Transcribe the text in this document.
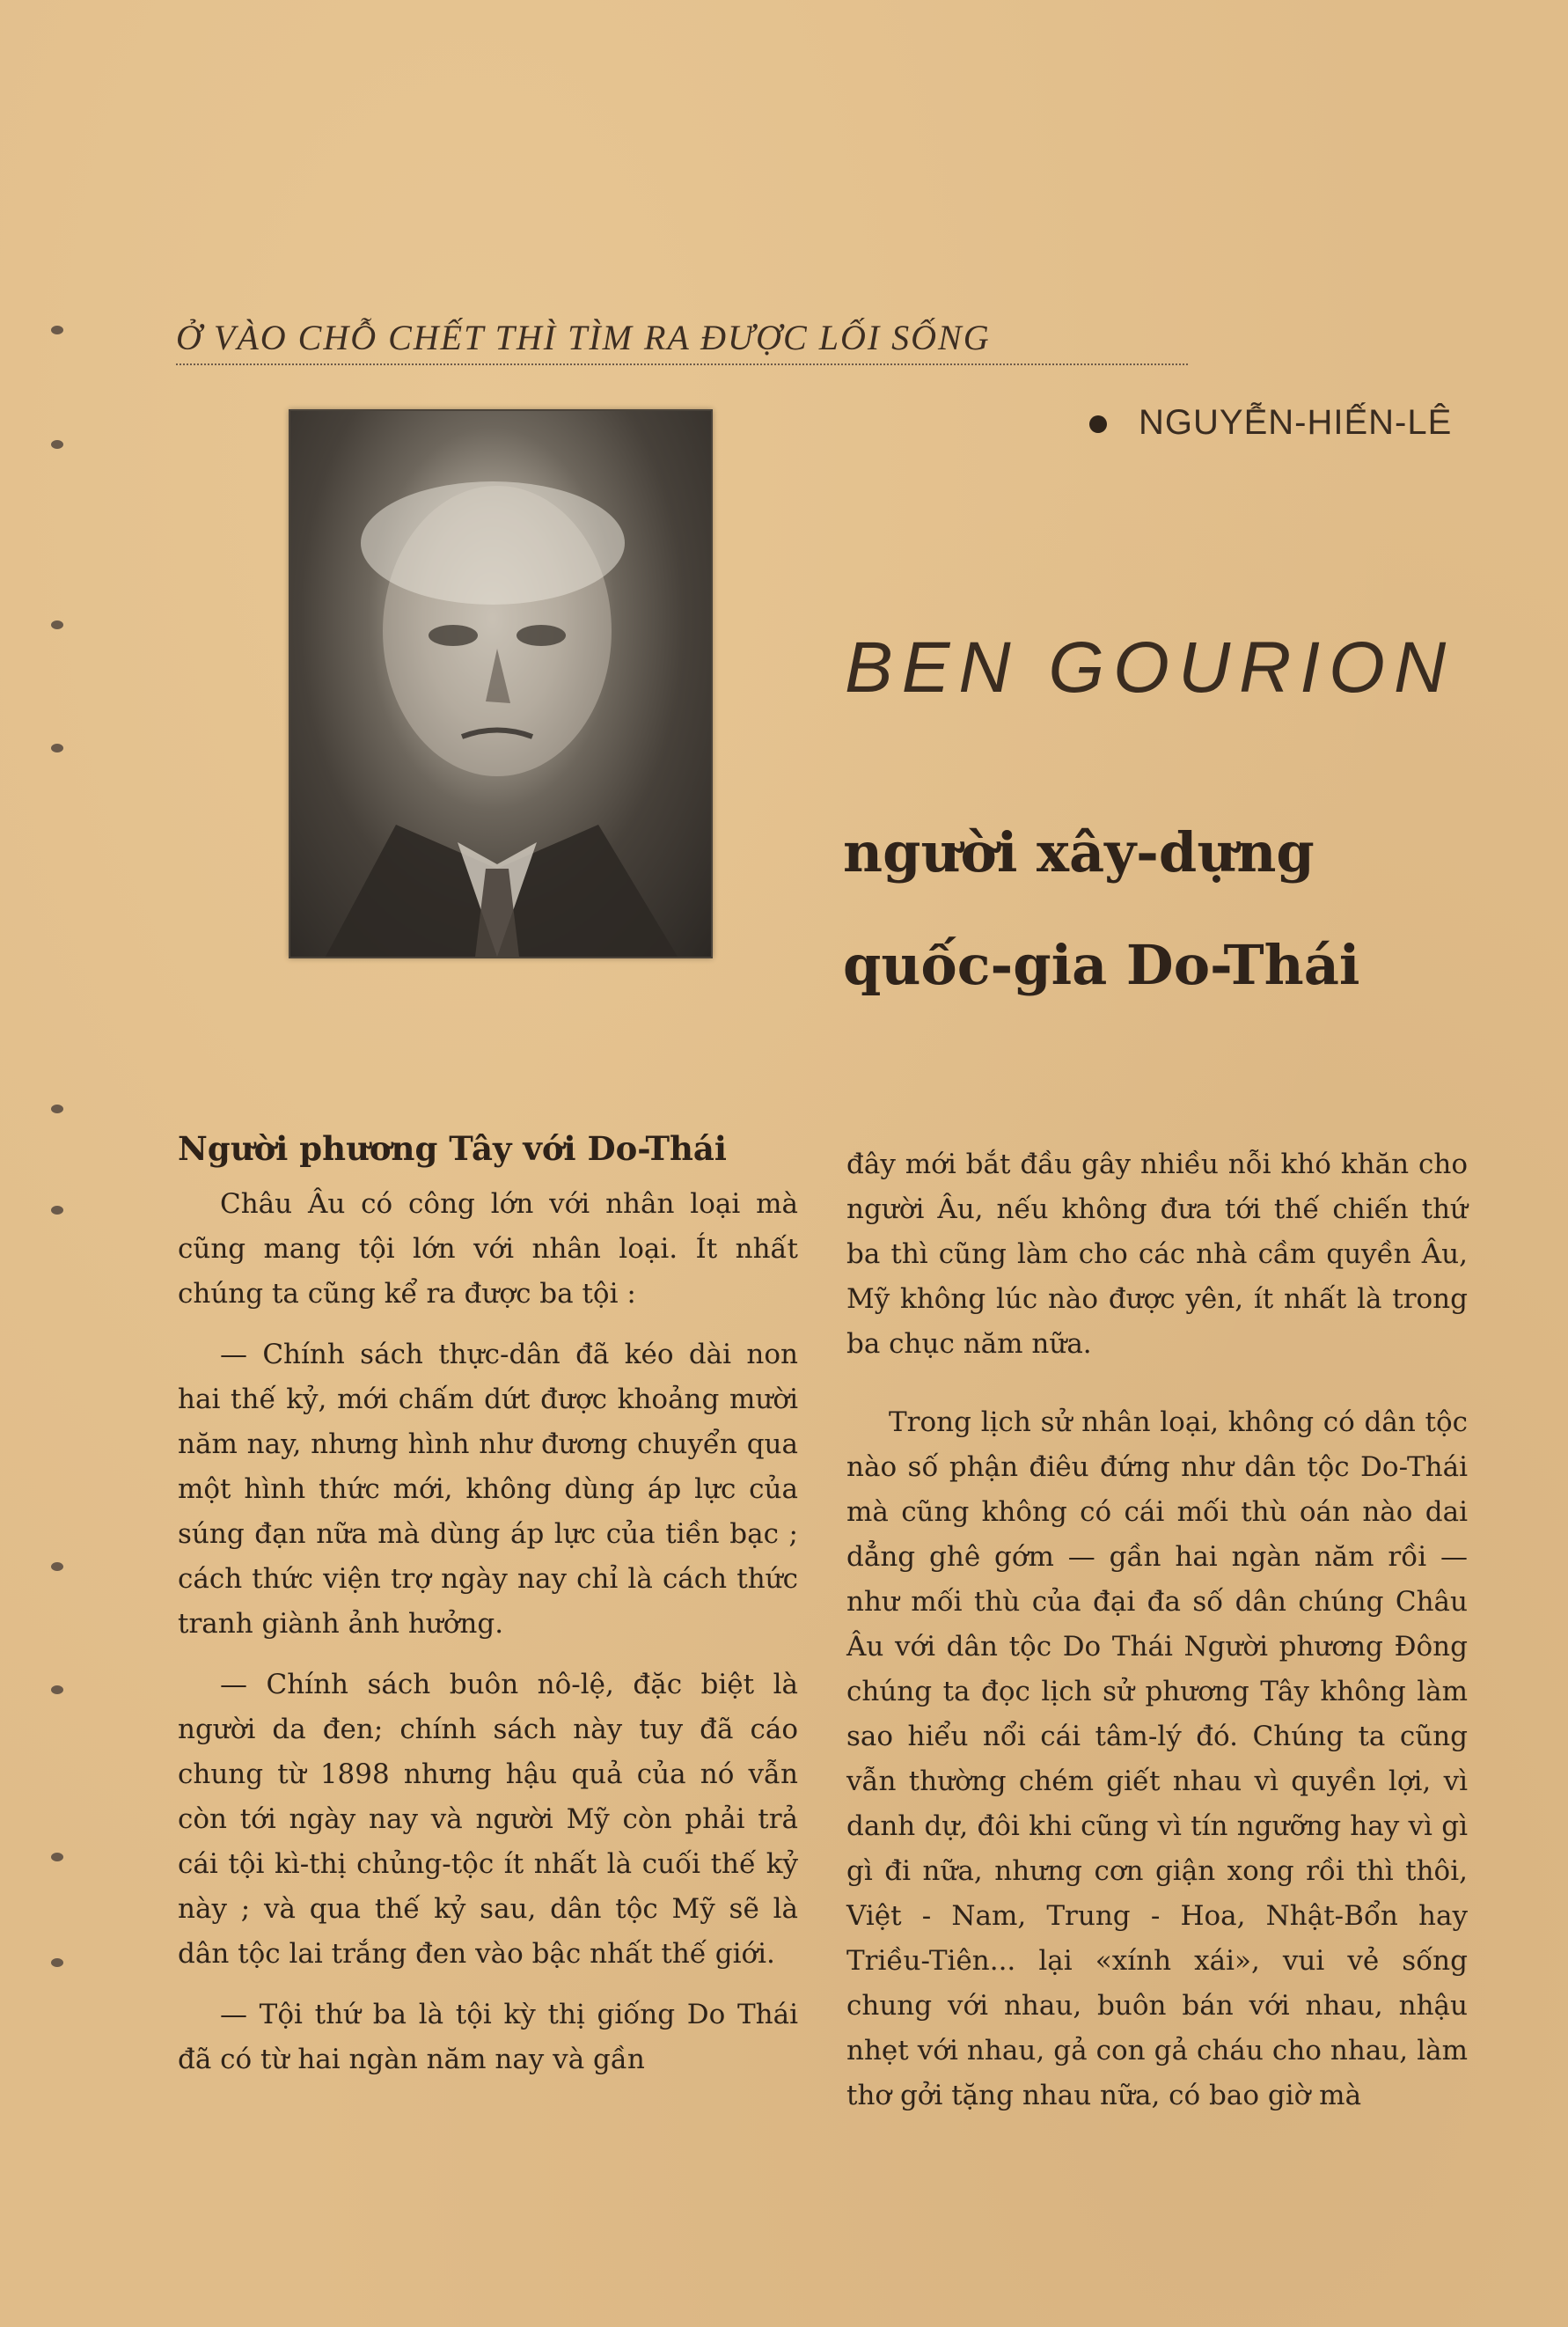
Ở VÀO CHỖ CHẾT THÌ TÌM RA ĐƯỢC LỐI SỐNG
NGUYỄN-HIẾN-LÊ
BEN GOURION
người xây-dựng
quốc-gia Do-Thái
Người phương Tây với Do-Thái

Châu Âu có công lớn với nhân loại mà cũng mang tội lớn với nhân loại. Ít nhất chúng ta cũng kể ra được ba tội :

— Chính sách thực-dân đã kéo dài non hai thế kỷ, mới chấm dứt được khoảng mười năm nay, nhưng hình như đương chuyển qua một hình thức mới, không dùng áp lực của súng đạn nữa mà dùng áp lực của tiền bạc ; cách thức viện trợ ngày nay chỉ là cách thức tranh giành ảnh hưởng.

— Chính sách buôn nô-lệ, đặc biệt là người da đen; chính sách này tuy đã cáo chung từ 1898 nhưng hậu quả của nó vẫn còn tới ngày nay và người Mỹ còn phải trả cái tội kì-thị chủng-tộc ít nhất là cuối thế kỷ này ; và qua thế kỷ sau, dân tộc Mỹ sẽ là dân tộc lai trắng đen vào bậc nhất thế giới.

— Tội thứ ba là tội kỳ thị giống Do Thái đã có từ hai ngàn năm nay và gần

đây mới bắt đầu gây nhiều nỗi khó khăn cho người Âu, nếu không đưa tới thế chiến thứ ba thì cũng làm cho các nhà cầm quyền Âu, Mỹ không lúc nào được yên, ít nhất là trong ba chục năm nữa.

Trong lịch sử nhân loại, không có dân tộc nào số phận điêu đứng như dân tộc Do-Thái mà cũng không có cái mối thù oán nào dai dẳng ghê gớm — gần hai ngàn năm rồi — như mối thù của đại đa số dân chúng Châu Âu với dân tộc Do Thái Người phương Đông chúng ta đọc lịch sử phương Tây không làm sao hiểu nổi cái tâm-lý đó. Chúng ta cũng vẫn thường chém giết nhau vì quyền lợi, vì danh dự, đôi khi cũng vì tín ngưỡng hay vì gì gì đi nữa, nhưng cơn giận xong rồi thì thôi, Việt - Nam, Trung - Hoa, Nhật-Bổn hay Triều-Tiên... lại «xính xái», vui vẻ sống chung với nhau, buôn bán với nhau, nhậu nhẹt với nhau, gả con gả cháu cho nhau, làm thơ gởi tặng nhau nữa, có bao giờ mà
